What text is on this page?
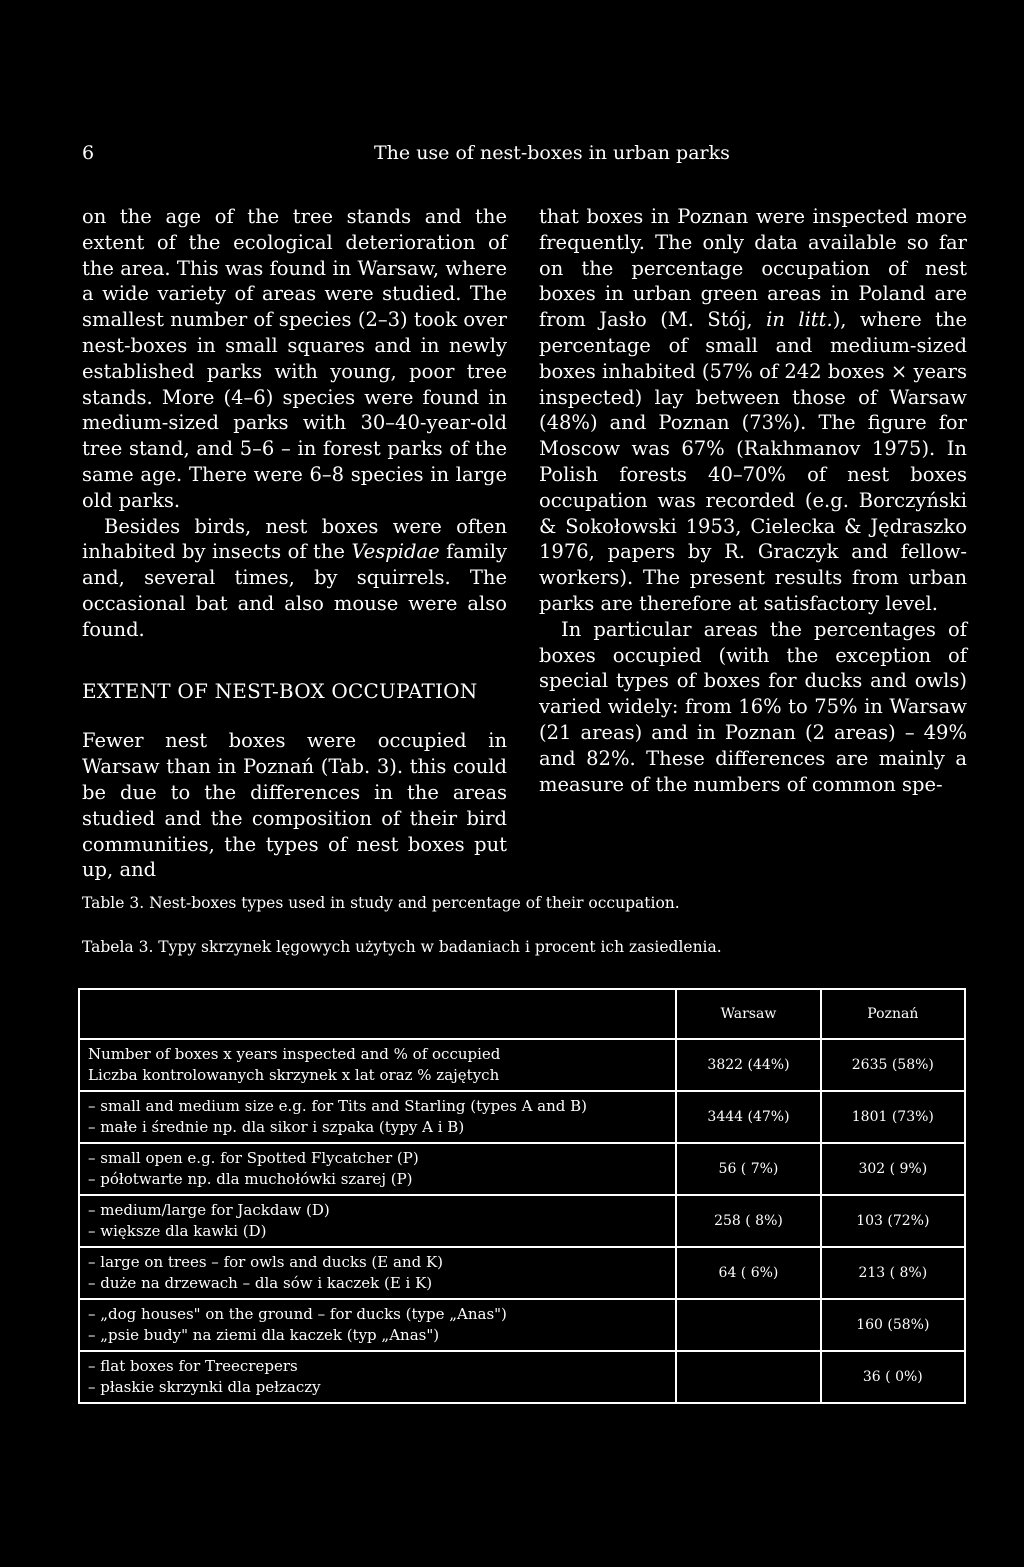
6	The use of nest-boxes in urban parks

on the age of the tree stands and the extent of the ecological deterioration of the area. This was found in Warsaw, where a wide variety of areas were studied. The smallest number of species (2–3) took over nest-boxes in small squares and in newly established parks with young, poor tree stands. More (4–6) species were found in medium-sized parks with 30–40-year-old tree stand, and 5–6 – in forest parks of the same age. There were 6–8 species in large old parks.

Besides birds, nest boxes were often inhabited by insects of the Vespidae family and, several times, by squirrels. The occasional bat and also mouse were also found.

EXTENT OF NEST-BOX OCCUPATION

Fewer nest boxes were occupied in Warsaw than in Poznań (Tab. 3). this could be due to the differences in the areas studied and the composition of their bird communities, the types of nest boxes put up, and

that boxes in Poznan were inspected more frequently. The only data available so far on the percentage occupation of nest boxes in urban green areas in Poland are from Jasło (M. Stój, in litt.), where the percentage of small and medium-sized boxes inhabited (57% of 242 boxes × years inspected) lay between those of Warsaw (48%) and Poznan (73%). The figure for Moscow was 67% (Rakhmanov 1975). In Polish forests 40–70% of nest boxes occupation was recorded (e.g. Borczyński & Sokołowski 1953, Cielecka & Jędraszko 1976, papers by R. Graczyk and fellow-workers). The present results from urban parks are therefore at satisfactory level.

In particular areas the percentages of boxes occupied (with the exception of special types of boxes for ducks and owls) varied widely: from 16% to 75% in Warsaw (21 areas) and in Poznan (2 areas) – 49% and 82%. These differences are mainly a measure of the numbers of common spe-

Table 3. Nest-boxes types used in study and percentage of their occupation.
Tabela 3. Typy skrzynek lęgowych użytych w badaniach i procent ich zasiedlenia.
	Warsaw	Poznań

Number of boxes x years inspected and % of occupied
Liczba kontrolowanych skrzynek x lat oraz % zajętych	3822 (44%)	2635 (58%)

– small and medium size e.g. for Tits and Starling (types A and B)
– małe i średnie np. dla sikor i szpaka (typy A i B)	3444 (47%)	1801 (73%)

– small open e.g. for Spotted Flycatcher (P)
– półotwarte np. dla muchołówki szarej (P)	56 ( 7%)	302 ( 9%)

– medium/large for Jackdaw (D)
– większe dla kawki (D)	258 ( 8%)	103 (72%)

– large on trees – for owls and ducks (E and K)
– duże na drzewach – dla sów i kaczek (E i K)	64 ( 6%)	213 ( 8%)

– „dog houses" on the ground – for ducks (type „Anas")
– „psie budy" na ziemi dla kaczek (typ „Anas")		160 (58%)

– flat boxes for Treecrepers
– płaskie skrzynki dla pełzaczy		36 ( 0%)
